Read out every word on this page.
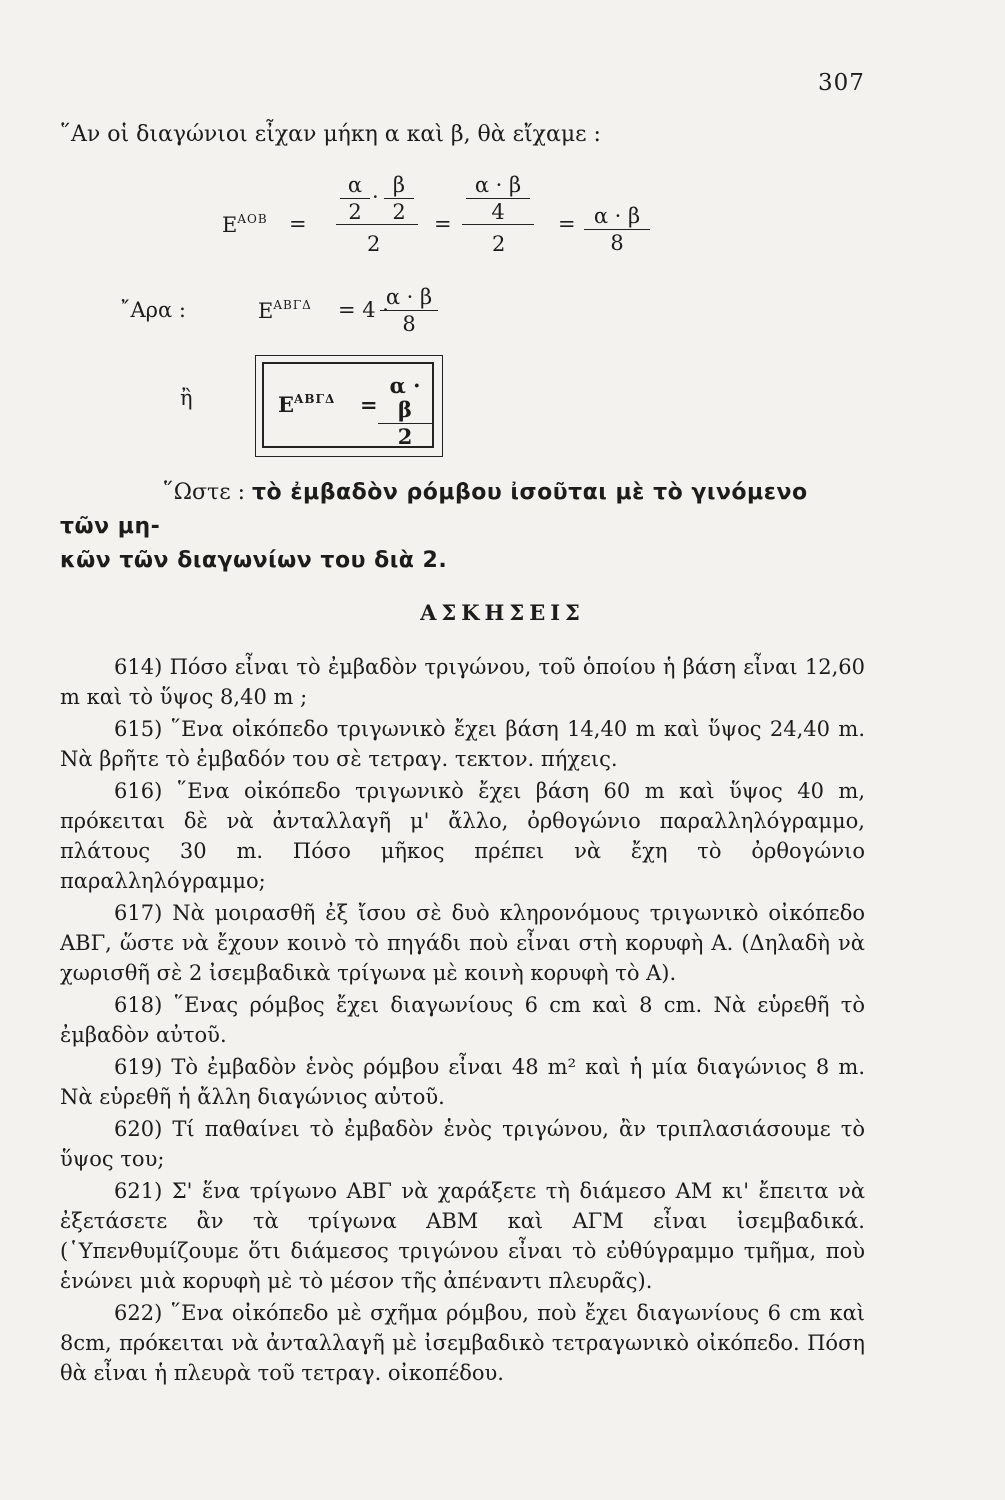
307
῞Αν οἱ διαγώνιοι εἶχαν μήκη α καὶ β, θὰ εἴχαμε :
$E^{AOB} = \frac{\alpha}{2} \cdot \frac{\beta}{2}$
2
= $\frac{\alpha \cdot \beta}{4}$
2
= $\frac{\alpha \cdot \beta}{8}$
῎Αρα :	$E^{AB\Gamma\Delta} = 4$ ·
$\frac{\alpha \cdot \beta}{8}$
ἢ	$E^{AB\Gamma\Delta} = \frac{\alpha \cdot \beta}{2}$
῞Ωστε : τὸ ἐμβαδὸν ρόμβου ἰσοῦται μὲ τὸ γινόμενο τῶν μη-
κῶν τῶν διαγωνίων του διὰ 2.
ΑΣΚΗΣΕΙΣ

614) Πόσο εἶναι τὸ ἐμβαδὸν τριγώνου, τοῦ ὁποίου ἡ βάση εἶναι 12,60 m καὶ τὸ ὕψος 8,40 m ;

615) ῞Ενα οἰκόπεδο τριγωνικὸ ἔχει βάση 14,40 m καὶ ὕψος 24,40 m. Νὰ βρῆτε τὸ ἐμβαδόν του σὲ τετραγ. τεκτον. πήχεις.

616) ῞Ενα οἰκόπεδο τριγωνικὸ ἔχει βάση 60 m καὶ ὕψος 40 m, πρόκειται δὲ νὰ ἀνταλλαγῆ μ' ἄλλο, ὀρθογώνιο παραλληλόγραμμο, πλάτους 30 m. Πόσο μῆκος πρέπει νὰ ἔχη τὸ ὀρθογώνιο παραλληλόγραμμο;

617) Νὰ μοιρασθῆ ἐξ ἴσου σὲ δυὸ κληρονόμους τριγωνικὸ οἰκόπεδο ΑΒΓ, ὥστε νὰ ἔχουν κοινὸ τὸ πηγάδι ποὺ εἶναι στὴ κορυφὴ Α. (Δηλαδὴ νὰ χωρισθῆ σὲ 2 ἰσεμβαδικὰ τρίγωνα μὲ κοινὴ κορυφὴ τὸ Α).

618) ῞Ενας ρόμβος ἔχει διαγωνίους 6 cm καὶ 8 cm. Νὰ εὑρεθῆ τὸ ἐμβαδὸν αὐτοῦ.

619) Τὸ ἐμβαδὸν ἑνὸς ρόμβου εἶναι 48 m² καὶ ἡ μία διαγώνιος 8 m. Νὰ εὑρεθῆ ἡ ἄλλη διαγώνιος αὐτοῦ.

620) Τί παθαίνει τὸ ἐμβαδὸν ἑνὸς τριγώνου, ἂν τριπλασιάσουμε τὸ ὕψος του;

621) Σ' ἕνα τρίγωνο ΑΒΓ νὰ χαράξετε τὴ διάμεσο ΑΜ κι' ἔπειτα νὰ ἐξετάσετε ἂν τὰ τρίγωνα ΑΒΜ καὶ ΑΓΜ εἶναι ἰσεμβαδικά. (῾Υπενθυμίζουμε ὅτι διάμεσος τριγώνου εἶναι τὸ εὐθύγραμμο τμῆμα, ποὺ ἑνώνει μιὰ κορυφὴ μὲ τὸ μέσον τῆς ἀπέναντι πλευρᾶς).

622) ῞Ενα οἰκόπεδο μὲ σχῆμα ρόμβου, ποὺ ἔχει διαγωνίους 6 cm καὶ 8cm, πρόκειται νὰ ἀνταλλαγῆ μὲ ἰσεμβαδικὸ τετραγωνικὸ οἰκόπεδο. Πόση θὰ εἶναι ἡ πλευρὰ τοῦ τετραγ. οἰκοπέδου.
